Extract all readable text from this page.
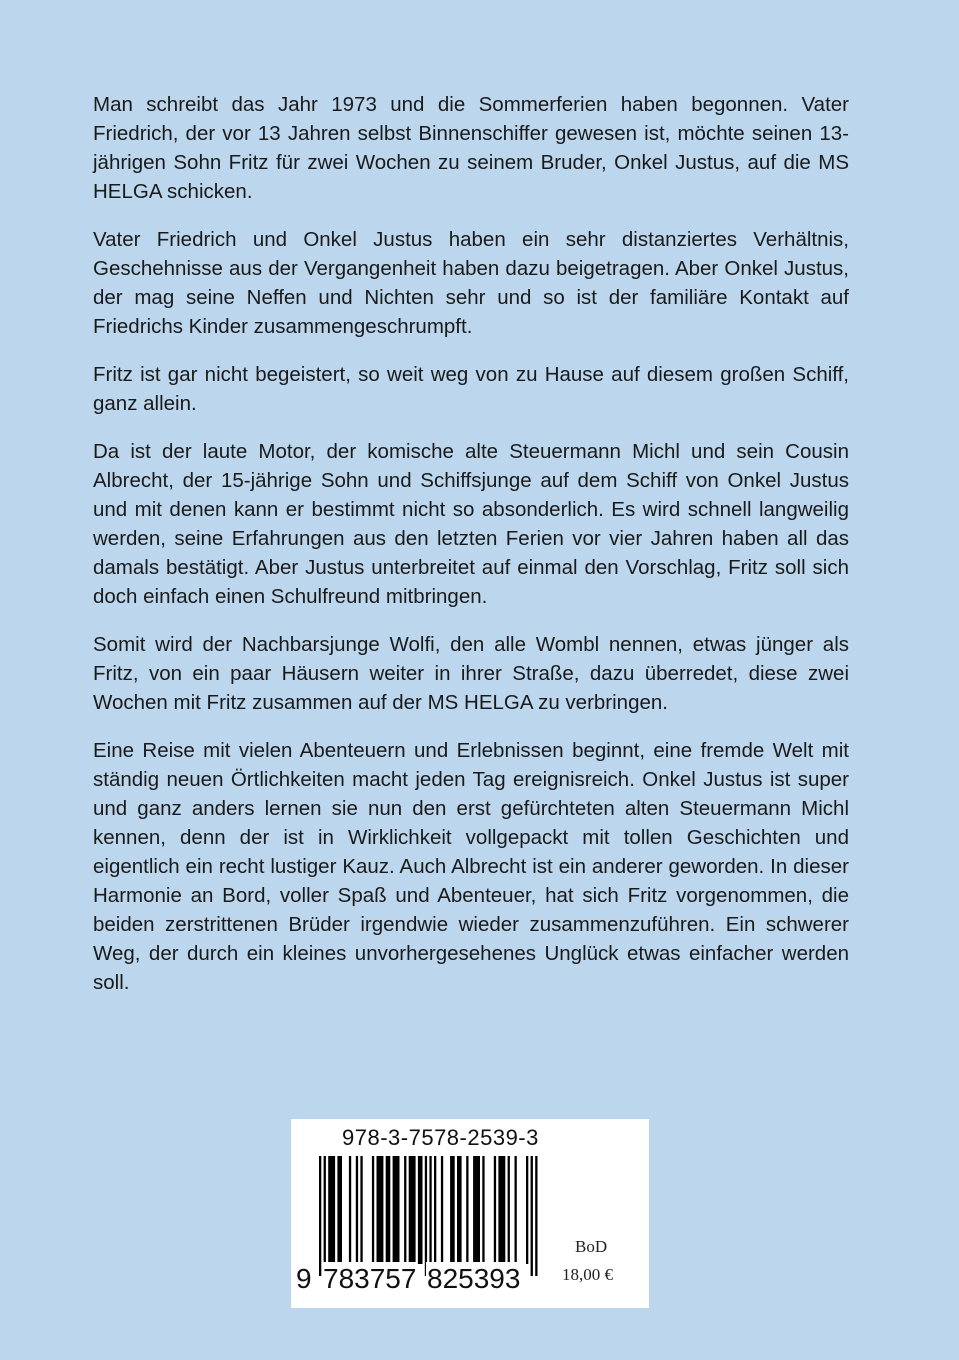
Man schreibt das Jahr 1973 und die Sommerferien haben begonnen. Vater Friedrich, der vor 13 Jahren selbst Binnenschiffer gewesen ist, möchte seinen 13-jährigen Sohn Fritz für zwei Wochen zu seinem Bruder, Onkel Justus, auf die MS HELGA schicken.

Vater Friedrich und Onkel Justus haben ein sehr distanziertes Verhältnis, Geschehnisse aus der Vergangenheit haben dazu beigetragen. Aber Onkel Justus, der mag seine Neffen und Nichten sehr und so ist der familiäre Kontakt auf Friedrichs Kinder zusammengeschrumpft.

Fritz ist gar nicht begeistert, so weit weg von zu Hause auf diesem großen Schiff, ganz allein.

Da ist der laute Motor, der komische alte Steuermann Michl und sein Cousin Albrecht, der 15-jährige Sohn und Schiffsjunge auf dem Schiff von Onkel Justus und mit denen kann er bestimmt nicht so absonderlich. Es wird schnell langweilig werden, seine Erfahrungen aus den letzten Ferien vor vier Jahren haben all das damals bestätigt. Aber Justus unterbreitet auf einmal den Vorschlag, Fritz soll sich doch einfach einen Schulfreund mitbringen.

Somit wird der Nachbarsjunge Wolfi, den alle Wombl nennen, etwas jünger als Fritz, von ein paar Häusern weiter in ihrer Straße, dazu überredet, diese zwei Wochen mit Fritz zusammen auf der MS HELGA zu verbringen.

Eine Reise mit vielen Abenteuern und Erlebnissen beginnt, eine fremde Welt mit ständig neuen Örtlichkeiten macht jeden Tag ereignisreich. Onkel Justus ist super und ganz anders lernen sie nun den erst gefürchteten alten Steuermann Michl kennen, denn der ist in Wirklichkeit vollgepackt mit tollen Geschichten und eigentlich ein recht lustiger Kauz. Auch Albrecht ist ein anderer geworden. In dieser Harmonie an Bord, voller Spaß und Abenteuer, hat sich Fritz vorgenommen, die beiden zerstrittenen Brüder irgendwie wieder zusammenzuführen. Ein schwerer Weg, der durch ein kleines unvorhergesehenes Unglück etwas einfacher werden soll.

978-3-7578-2539-3
9 783757 825393
BoD
18,00 €
